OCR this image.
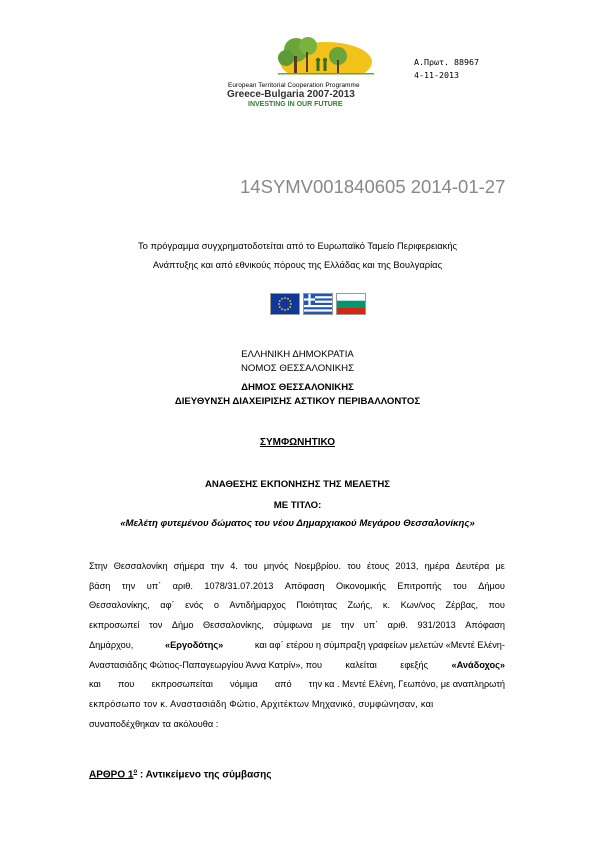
European Territorial Cooperation Programme
Greece-Bulgaria 2007-2013
INVESTING IN OUR FUTURE
Α.Πρωτ. 88967
4-11-2013
14SYMV001840605 2014-01-27
Το πρόγραμμα συγχρηματοδοτείται από το Ευρωπαϊκό Ταμείο Περιφερειακής
Ανάπτυξης και από εθνικούς πόρους της Ελλάδας και της Βουλγαρίας
ΕΛΛΗΝΙΚΗ ΔΗΜΟΚΡΑΤΙΑ
ΝΟΜΟΣ ΘΕΣΣΑΛΟΝΙΚΗΣ
ΔΗΜΟΣ ΘΕΣΣΑΛΟΝΙΚΗΣ
ΔΙΕΥΘΥΝΣΗ ΔΙΑΧΕΙΡΙΣΗΣ ΑΣΤΙΚΟΥ ΠΕΡΙΒΑΛΛΟΝΤΟΣ
ΣΥΜΦΩΝΗΤΙΚΟ
ΑΝΑΘΕΣΗΣ ΕΚΠΟΝΗΣΗΣ ΤΗΣ ΜΕΛΕΤΗΣ
ΜΕ ΤΙΤΛΟ:
«Μελέτη φυτεμένου δώματος του νέου Δημαρχιακού Μεγάρου Θεσσαλονίκης»
Στην Θεσσαλονίκη σήμερα την 4. του μηνός Νοεμβρίου. του έτους 2013, ημέρα Δευτέρα με
βάση την υπ΄ αριθ. 1078/31.07.2013 Απόφαση Οικονομικής Επιτροπής του Δήμου
Θεσσαλονίκης, αφ΄ ενός ο Αντιδήμαρχος Ποιότητας Ζωής, κ. Κων/νος Ζέρβας, που
εκπροσωπεί τον Δήμο Θεσσαλονίκης, σύμφωνα με την υπ΄ αριθ. 931/2013 Απόφαση
Δημάρχου,	«Εργοδότης»	και αφ΄ ετέρου η σύμπραξη γραφείων μελετών «Μεντέ Ελένη-
Αναστασιάδης Φώτιος-Παπαγεωργίου Άννα Κατρίν», που	καλείται	εφεξής	«Ανάδοχος»
και που εκπροσωπείται νόμιμα από την κα . Μεντέ Ελένη, Γεωπόνο, με αναπληρωτή
εκπρόσωπο τον κ. Αναστασιάδη Φώτιο, Αρχιτέκτων Μηχανικό, συμφώνησαν, και
συναποδέχθηκαν τα ακόλουθα :
ΑΡΘΡΟ $1^o$ : Αντικείμενο της σύμβασης
